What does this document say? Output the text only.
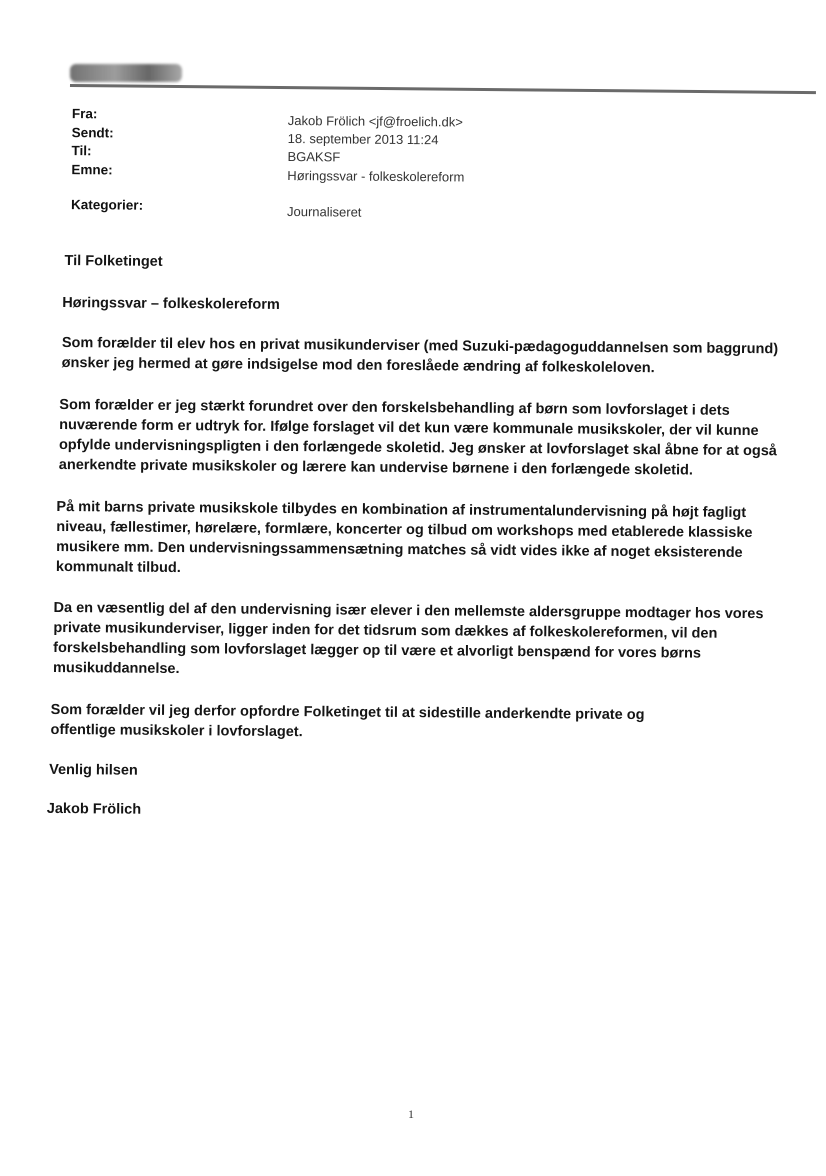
Fra:
Sendt:
Til:
Emne:
Kategorier:
Jakob Frölich <jf@froelich.dk>
18. september 2013 11:24
BGAKSF
Høringssvar - folkeskolereform
Journaliseret
Til Folketinget
Høringssvar – folkeskolereform
Som forælder til elev hos en privat musikunderviser (med Suzuki-pædagoguddannelsen som baggrund) ønsker jeg hermed at gøre indsigelse mod den foreslåede ændring af folkeskoleloven.
Som forælder er jeg stærkt forundret over den forskelsbehandling af børn som lovforslaget i dets nuværende form er udtryk for. Ifølge forslaget vil det kun være kommunale musikskoler, der vil kunne opfylde undervisningspligten i den forlængede skoletid. Jeg ønsker at lovforslaget skal åbne for at også anerkendte private musikskoler og lærere kan undervise børnene i den forlængede skoletid.
På mit barns private musikskole tilbydes en kombination af instrumentalundervisning på højt fagligt niveau, fællestimer, hørelære, formlære, koncerter og tilbud om workshops med etablerede klassiske musikere mm. Den undervisningssammensætning matches så vidt vides ikke af noget eksisterende kommunalt tilbud.
Da en væsentlig del af den undervisning især elever i den mellemste aldersgruppe modtager hos vores private musikunderviser, ligger inden for det tidsrum som dækkes af folkeskolereformen, vil den forskelsbehandling som lovforslaget lægger op til være et alvorligt benspænd for vores børns musikuddannelse.
Som forælder vil jeg derfor opfordre Folketinget til at sidestille anderkendte private og offentlige musikskoler i lovforslaget.
Venlig hilsen
Jakob Frölich
1
